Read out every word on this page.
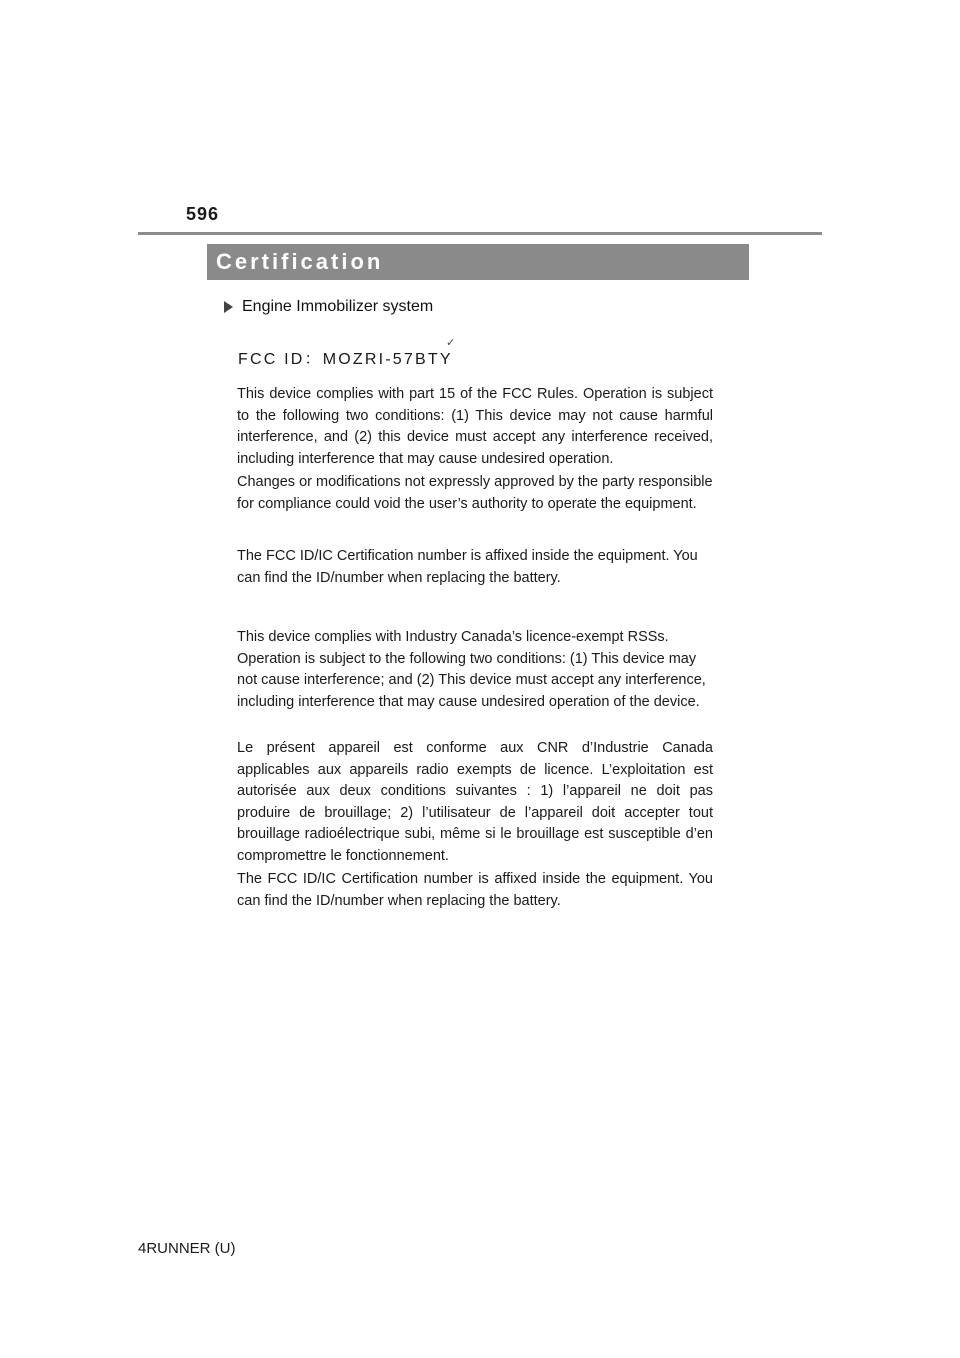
596
Certification
Engine Immobilizer system
FCC ID：MOZRI-57BTY
✓

This device complies with part 15 of the FCC Rules. Operation is subject to the following two conditions: (1) This device may not cause harmful interference, and (2) this device must accept any interference received, including interference that may cause undesired operation.

Changes or modifications not expressly approved by the party responsible for compliance could void the user’s authority to operate the equipment.

The FCC ID/IC Certification number is affixed inside the equipment. You can find the ID/number when replacing the battery.

This device complies with Industry Canada’s licence-exempt RSSs. Operation is subject to the following two conditions: (1) This device may not cause interference; and (2) This device must accept any interference, including interference that may cause undesired operation of the device.

Le présent appareil est conforme aux CNR d’Industrie Canada applicables aux appareils radio exempts de licence. L’exploitation est autorisée aux deux conditions suivantes : 1) l’appareil ne doit pas produire de brouillage; 2) l’utilisateur de l’appareil doit accepter tout brouillage radioélectrique subi, même si le brouillage est susceptible d’en compromettre le fonctionnement.

The FCC ID/IC Certification number is affixed inside the equipment. You can find the ID/number when replacing the battery.

4RUNNER (U)
